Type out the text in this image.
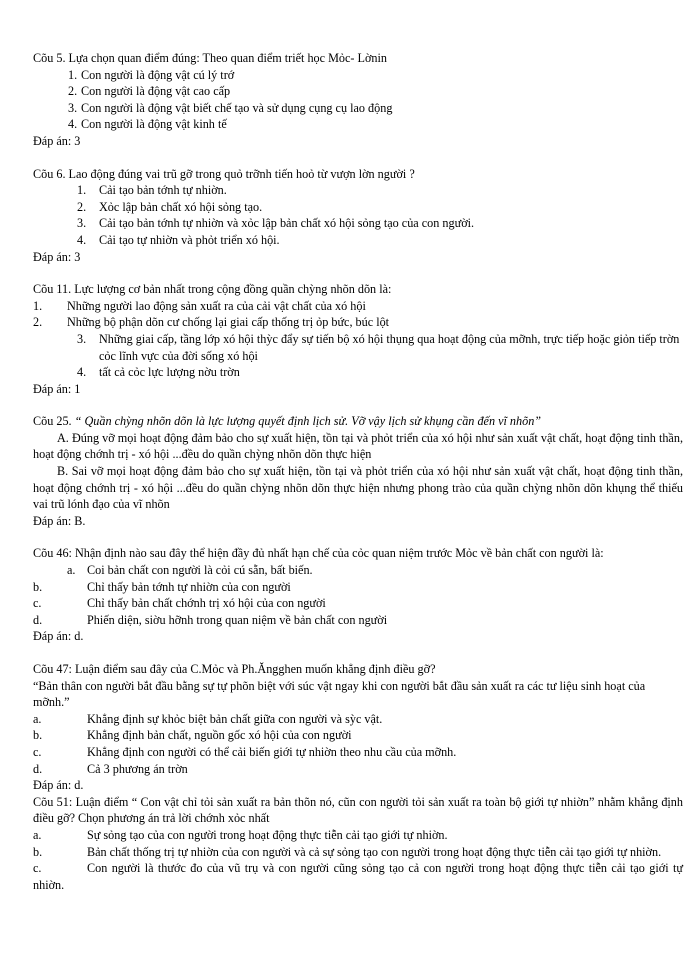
Cõu 5. Lựa chọn quan điểm đúng: Theo quan điểm triết học Mỏc- Lờnin

1. Con người là động vật cú lý trớ
2. Con người là động vật cao cấp
3. Con người là động vật biết chế tạo và sử dụng cụng cụ lao động
4. Con người là động vật kinh tế

Đáp án: 3

Cõu 6. Lao động đúng vai trũ gỡ trong quỏ trỡnh tiến hoỏ từ vượn lờn người ?

1.	Cải tạo bản tớnh tự nhiờn.
2.	Xỏc lập bản chất xó hội sỏng tạo.
3.	Cải tạo bản tớnh tự nhiờn và xỏc lập bản chất xó hội sỏng tạo của con người.
4.	Cải tạo tự nhiờn và phỏt triển xó hội.

Đáp án: 3

Cõu 11. Lực lượng cơ bản nhất trong cộng đồng quần chỳng nhõn dõn là:

1.	Những người lao động sản xuất ra của cải vật chất của xó hội
2.	Những bộ phận dõn cư chống lại giai cấp thống trị ỏp bức, búc lột
3.	Những giai cấp, tầng lớp xó hội thỳc đẩy sự tiến bộ xó hội thụng qua hoạt động của mỡnh, trực tiếp hoặc giỏn tiếp trờn cỏc lĩnh vực của đời sống xó hội
4.	tất cả cỏc lực lượng nờu trờn

Đáp án: 1

Cõu 25. “ Quần chỳng nhõn dõn là lực lượng quyết định lịch sử. Vỡ vậy lịch sử khụng cần đến vĩ nhõn”

A. Đúng vỡ mọi hoạt động đảm bảo cho sự xuất hiện, tồn tại và phỏt triển của xó hội như sản xuất vật chất, hoạt động tinh thần, hoạt động chớnh trị - xó hội ...đều do quần chỳng nhõn dõn thực hiện

B. Sai vỡ mọi hoạt động đảm bảo cho sự xuất hiện, tồn tại và phỏt triển của xó hội như sản xuất vật chất, hoạt động tinh thần, hoạt động chớnh trị - xó hội ...đều do quần chỳng nhõn dõn thực hiện nhưng phong trào của quần chỳng nhõn dõn khụng thể thiếu vai trũ lónh đạo của vĩ nhõn

Đáp án: B.

Cõu 46: Nhận định nào sau đây thể hiện đầy đủ nhất hạn chế của cỏc quan niệm trước Mỏc về bản chất con người là:

a. Coi bản chất con người là cỏi cú sẵn, bất biến.
b.	Chỉ thấy bản tớnh tự nhiờn của con người
c.	Chỉ thấy bản chất chớnh trị xó hội của con người
d.	Phiến diện, siờu hỡnh trong quan niệm về bản chất con người

Đáp án: d.

Cõu 47: Luận điểm sau đây của C.Mỏc và Ph.Ăngghen muốn khẳng định điều gỡ?

“Bản thân con người bắt đầu bằng sự tự phõn biệt với súc vật ngay khi con người bắt đầu sản xuất ra các tư liệu sinh hoạt của mỡnh.”

a.	Khẳng định sự khỏc biệt bản chất giữa con người và sỳc vật.
b.	Khẳng định bản chất, nguồn gốc xó hội của con người
c.	Khẳng định con người có thể cải biến giới tự nhiờn theo nhu cầu của mỡnh.
d.	Cả 3 phương án trờn

Đáp án: d.

Cõu 51: Luận điểm “ Con vật chỉ tỏi sản xuất ra bản thõn nó, cũn con người tỏi sản xuất ra toàn bộ giới tự nhiờn” nhằm khẳng định điều gỡ? Chọn phương án trả lời chớnh xỏc nhất

a.	Sự sỏng tạo của con người trong hoạt động thực tiễn cải tạo giới tự nhiờn.

b.	Bản chất thống trị tự nhiờn của con người và cả sự sỏng tạo con người trong hoạt động thực tiễn cải tạo giới tự nhiờn.

c.	Con người là thước đo của vũ trụ và con người cũng sỏng tạo cả con người trong hoạt động thực tiễn cải tạo giới tự nhiờn.
